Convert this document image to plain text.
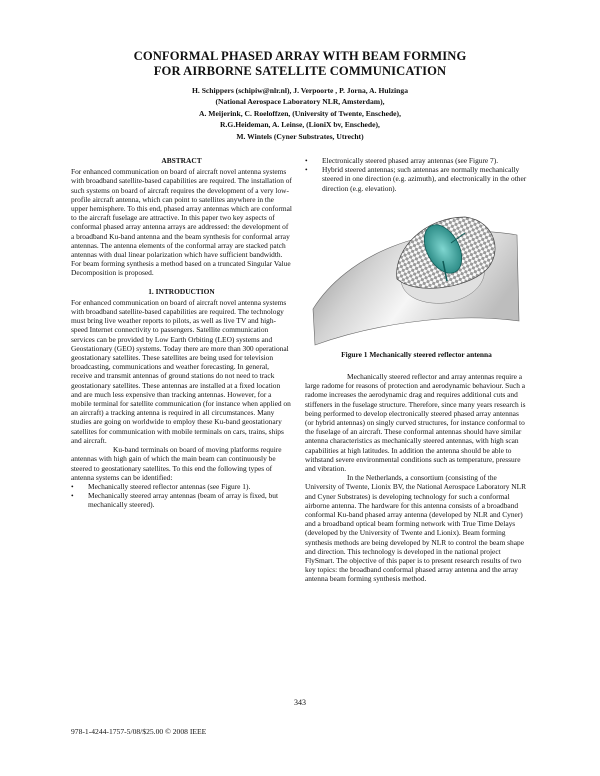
CONFORMAL PHASED ARRAY WITH BEAM FORMING
FOR AIRBORNE SATELLITE COMMUNICATION
H. Schippers (schipiw@nlr.nl), J. Verpoorte , P. Jorna, A. Hulzinga
(National Aerospace Laboratory NLR, Amsterdam),
A. Meijerink, C. Roeloffzen, (University of Twente, Enschede),
R.G.Heideman, A. Leinse, (LioniX bv, Enschede),
M. Wintels (Cyner Substrates, Utrecht)
ABSTRACT

For enhanced communication on board of aircraft novel antenna systems with broadband satellite-based capabilities are required. The installation of such systems on board of aircraft requires the development of a very low-profile aircraft antenna, which can point to satellites anywhere in the upper hemisphere. To this end, phased array antennas which are conformal to the aircraft fuselage are attractive. In this paper two key aspects of conformal phased array antenna arrays are addressed: the development of a broadband Ku-band antenna and the beam synthesis for conformal array antennas. The antenna elements of the conformal array are stacked patch antennas with dual linear polarization which have sufficient bandwidth. For beam forming synthesis a method based on a truncated Singular Value Decomposition is proposed.

1. INTRODUCTION

For enhanced communication on board of aircraft novel antenna systems with broadband satellite-based capabilities are required. The technology must bring live weather reports to pilots, as well as live TV and high-speed Internet connectivity to passengers. Satellite communication services can be provided by Low Earth Orbiting (LEO) systems and Geostationary (GEO) systems. Today there are more than 300 operational geostationary satellites. These satellites are being used for television broadcasting, communications and weather forecasting. In general, receive and transmit antennas of ground stations do not need to track geostationary satellites. These antennas are installed at a fixed location and are much less expensive than tracking antennas. However, for a mobile terminal for satellite communication (for instance when applied on an aircraft) a tracking antenna is required in all circumstances. Many studies are going on worldwide to employ these Ku-band geostationary satellites for communication with mobile terminals on cars, trains, ships and aircraft.

Ku-band terminals on board of moving platforms require antennas with high gain of which the main beam can continuously be steered to geostationary satellites. To this end the following types of antenna systems can be identified:

• Mechanically steered reflector antennas (see Figure 1).
• Mechanically steered array antennas (beam of array is fixed, but mechanically steered).
• Electronically steered phased array antennas (see Figure 7).
• Hybrid steered antennas; such antennas are normally mechanically steered in one direction (e.g. azimuth), and electronically in the other direction (e.g. elevation).
Figure 1 Mechanically steered reflector antenna

Mechanically steered reflector and array antennas require a large radome for reasons of protection and aerodynamic behaviour. Such a radome increases the aerodynamic drag and requires additional cuts and stiffeners in the fuselage structure. Therefore, since many years research is being performed to develop electronically steered phased array antennas (or hybrid antennas) on singly curved structures, for instance conformal to the fuselage of an aircraft. These conformal antennas should have similar antenna characteristics as mechanically steered antennas, with high scan capabilities at high latitudes. In addition the antenna should be able to withstand severe environmental conditions such as temperature, pressure and vibration.

In the Netherlands, a consortium (consisting of the University of Twente, Lionix BV, the National Aerospace Laboratory NLR and Cyner Substrates) is developing technology for such a conformal airborne antenna. The hardware for this antenna consists of a broadband conformal Ku-band phased array antenna (developed by NLR and Cyner) and a broadband optical beam forming network with True Time Delays (developed by the University of Twente and Lionix). Beam forming synthesis methods are being developed by NLR to control the beam shape and direction. This technology is developed in the national project FlySmart. The objective of this paper is to present research results of two key topics: the broadband conformal phased array antenna and the array antenna beam forming synthesis method.

343
978-1-4244-1757-5/08/$25.00 © 2008 IEEE
